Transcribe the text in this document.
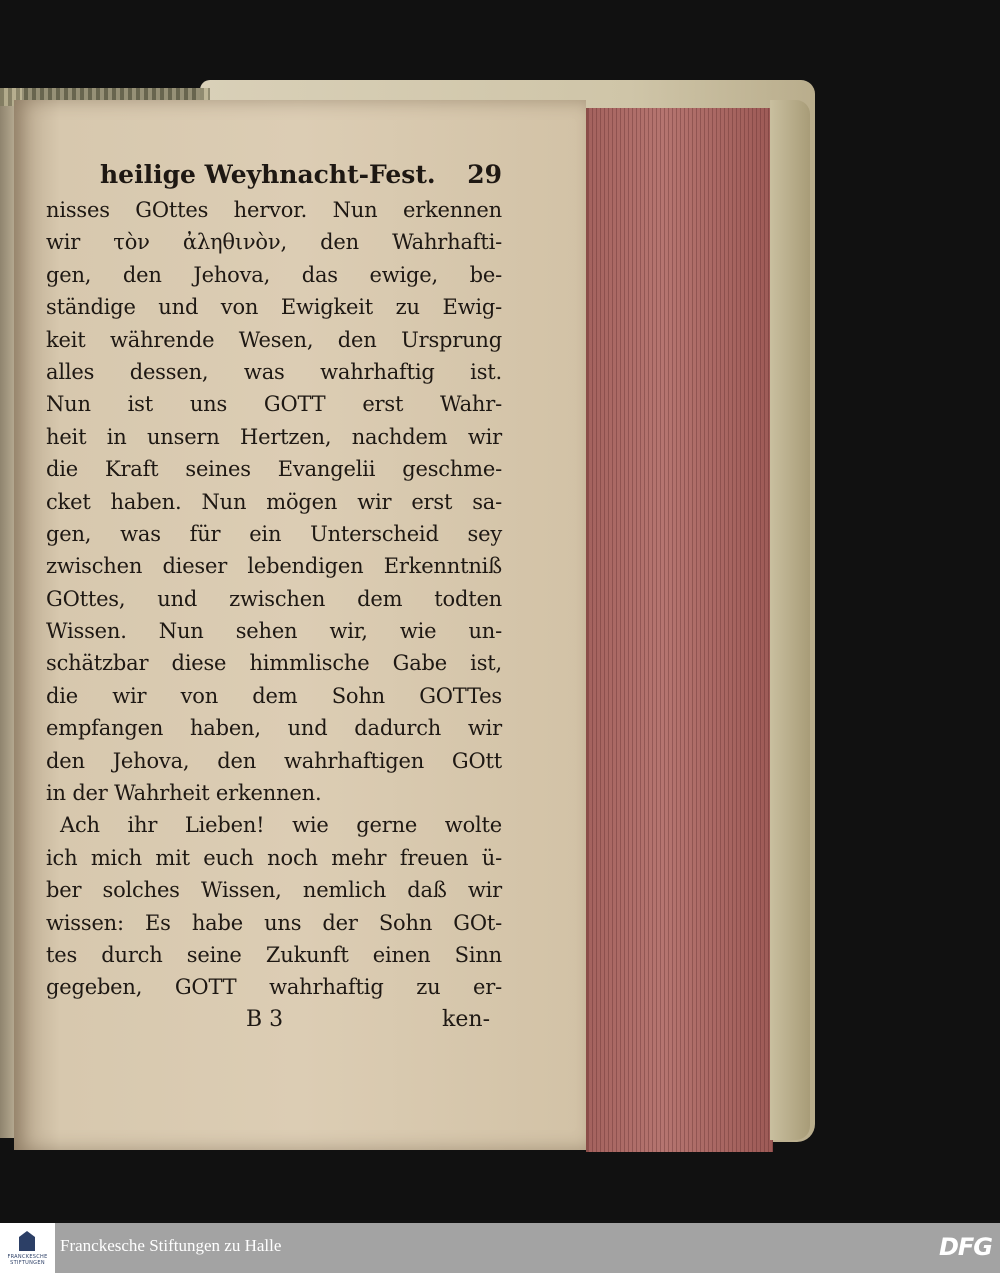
heilige Weyhnacht-Fest. 29
nisses GOttes hervor. Nun erkennen
wir τὸν ἀληθινὸν, den Wahrhafti-
gen, den Jehova, das ewige, be-
ständige und von Ewigkeit zu Ewig-
keit währende Wesen, den Ursprung
alles dessen, was wahrhaftig ist.
Nun ist uns GOTT erst Wahr-
heit in unsern Hertzen, nachdem wir
die Kraft seines Evangelii geschme-
cket haben. Nun mögen wir erst sa-
gen, was für ein Unterscheid sey
zwischen dieser lebendigen Erkenntniß
GOttes, und zwischen dem todten
Wissen. Nun sehen wir, wie un-
schätzbar diese himmlische Gabe ist,
die wir von dem Sohn GOTTes
empfangen haben, und dadurch wir
den Jehova, den wahrhaftigen GOtt
in der Wahrheit erkennen.
Ach ihr Lieben! wie gerne wolte
ich mich mit euch noch mehr freuen ü-
ber solches Wissen, nemlich daß wir
wissen: Es habe uns der Sohn GOt-
tes durch seine Zukunft einen Sinn
gegeben, GOTT wahrhaftig zu er-
B 3	ken-
FRANCKESCHE STIFTUNGEN
Franckesche Stiftungen zu Halle	DFG
